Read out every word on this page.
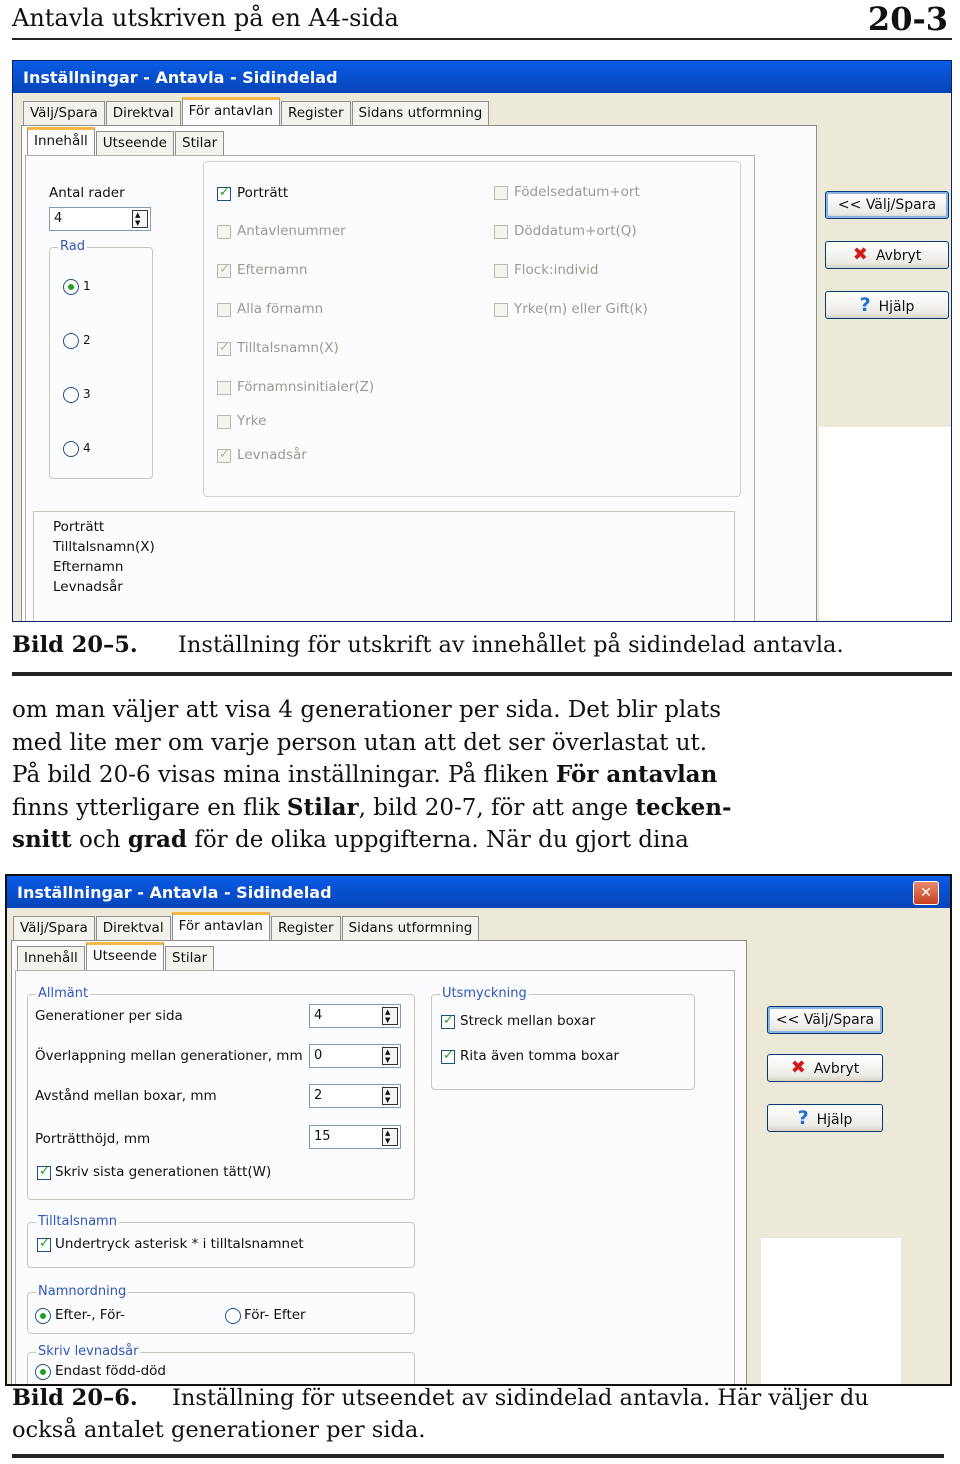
Antavla utskriven på en A4-sida	20-3
Inställningar - Antavla - Sidindelad
Välj/Spara	Direktval	För antavlan	Register	Sidans utformning
Innehåll	Utseende	Stilar
Antal rader
4	▲
▼
Rad
1
2
3
4
✓ Porträtt
Antavlenummer
✓ Efternamn
Alla förnamn
✓ Tilltalsnamn(X)
Förnamnsinitialer(Z)
Yrke
✓ Levnadsår
Födelsedatum+ort
Döddatum+ort(Q)
Flock:individ
Yrke(m) eller Gift(k)
Porträtt
Tilltalsnamn(X)
Efternamn
Levnadsår
<< Välj/Spara
✖ Avbryt
? Hjälp
Bild 20–5. Inställning för utskrift av innehållet på sidindelad antavla.
om man väljer att visa 4 generationer per sida. Det blir plats
med lite mer om varje person utan att det ser överlastat ut.
På bild 20-6 visas mina inställningar. På fliken För antavlan
finns ytterligare en flik Stilar, bild 20-7, för att ange tecken-
snitt och grad för de olika uppgifterna. När du gjort dina
Inställningar - Antavla - Sidindelad	✕
Välj/Spara	Direktval	För antavlan	Register	Sidans utformning
Innehåll	Utseende	Stilar
Allmänt
Generationer per sida	4	▲
▼
Överlappning mellan generationer, mm 0	▲
▼
Avstånd mellan boxar, mm	2	▲
▼
Porträtthöjd, mm	15	▲
▼
✓ Skriv sista generationen tätt(W)
Utsmyckning
✓ Streck mellan boxar
✓ Rita även tomma boxar
Tilltalsnamn
✓ Undertryck asterisk * i tilltalsnamnet
Namnordning
Efter-, För-	För- Efter
Skriv levnadsår
Endast född-död
<< Välj/Spara
✖ Avbryt
? Hjälp
Bild 20–6. Inställning för utseendet av sidindelad antavla. Här väljer du
också antalet generationer per sida.
